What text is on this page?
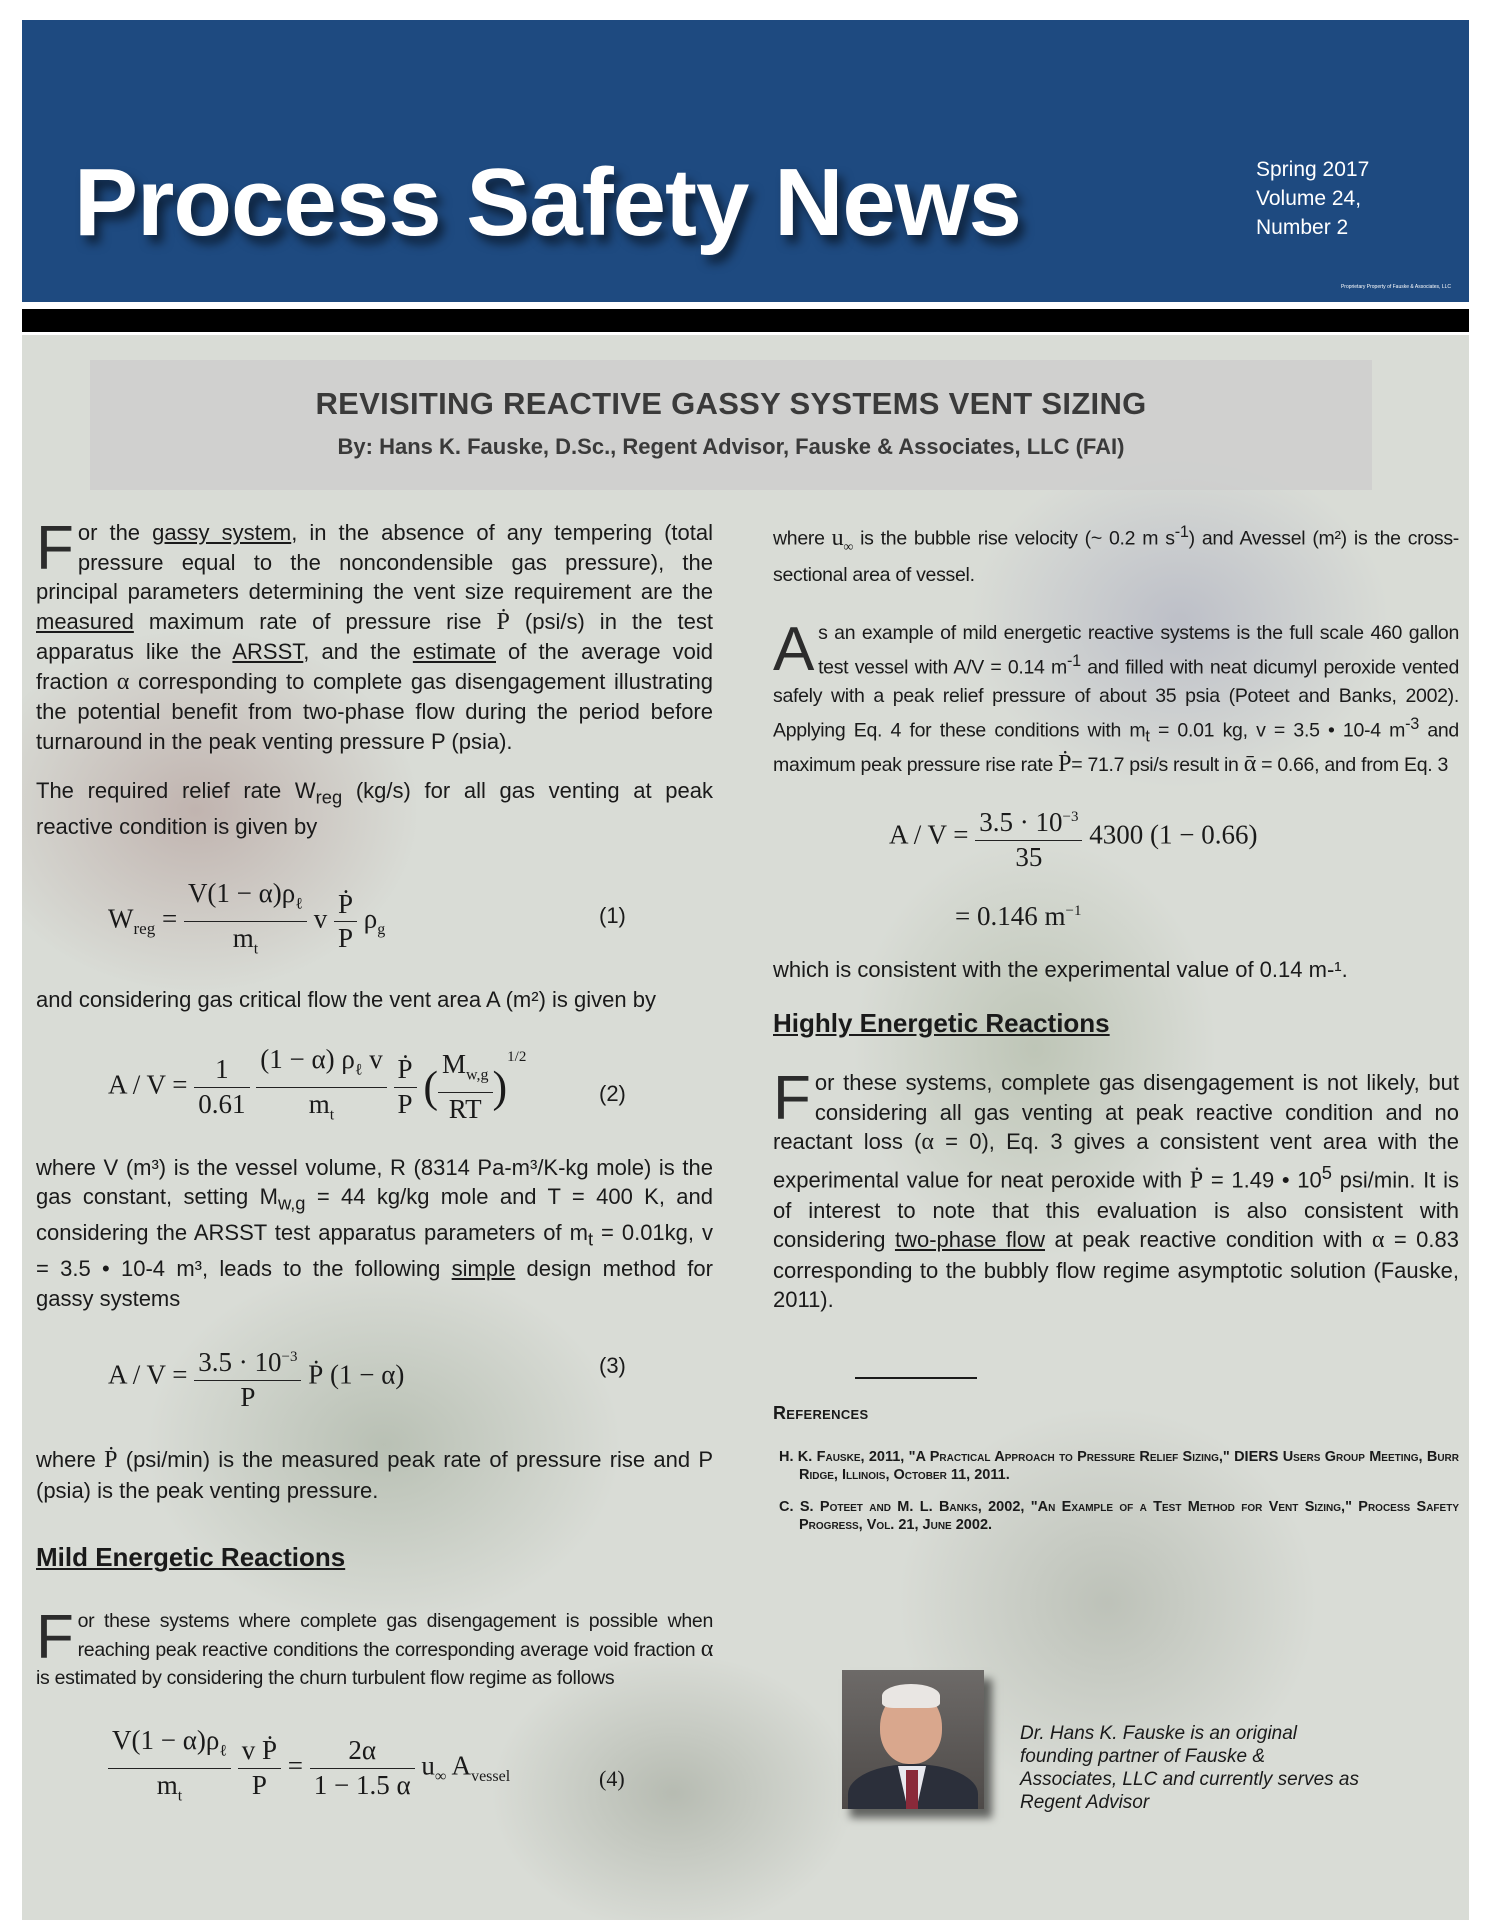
Process Safety News	Spring 2017
Volume 24,
Number 2
Proprietary Property of Fauske & Associates, LLC
REVISITING REACTIVE GASSY SYSTEMS VENT SIZING
By: Hans K. Fauske, D.Sc., Regent Advisor, Fauske & Associates, LLC (FAI)

For the gassy system, in the absence of any tempering (total pressure equal to the noncondensible gas pressure), the principal parameters determining the vent size requirement are the measured maximum rate of pressure rise Ṗ (psi/s) in the test apparatus like the ARSST, and the estimate of the average void fraction α corresponding to complete gas disengagement illustrating the potential benefit from two-phase flow during the period before turnaround in the peak venting pressure P (psia).

The required relief rate $W_{reg}$ (kg/s) for all gas venting at peak reactive condition is given by

$W_{reg} = \frac{V(1 - \alpha)\rho_\ell}{m_t}$ v $\frac{\text{Ṗ}}{P} \rho_g$
(1)

and considering gas critical flow the vent area A (m²) is given by

$A / V = \frac{1}{0.61}$
$\frac{(1 - \alpha) \rho_\ell v}{m_t}$
$\frac{\text{Ṗ}}{P}$ ( $\frac{M_{w,g}}{RT} )^{1/2}$
(2)

where V (m³) is the vessel volume, R (8314 Pa-m³/K-kg mole) is the gas constant, setting $M_{w,g} = 44$ kg/kg mole and T = 400 K, and considering the ARSST test apparatus parameters of $m_t = 0.01kg$, v = 3.5 • 10-4 m³, leads to the following simple design method for gassy systems

$A / V = \frac{3.5 \cdot 10^{-3}}{P}$ Ṗ (1 − α)	(3)

where Ṗ (psi/min) is the measured peak rate of pressure rise and P (psia) is the peak venting pressure.

Mild Energetic Reactions

For these systems where complete gas disengagement is possible when reaching peak reactive conditions the corresponding average void fraction α is estimated by considering the churn turbulent flow regime as follows

$\frac{V(1 - \alpha)\rho_\ell}{m_t}$
$\frac{\text{v Ṗ}}{P} = \frac{2\alpha}{1 - 1.5 \alpha} u_\infty$ $A_{vessel}$	(4)

where $u_\infty$ is the bubble rise velocity (~ 0.2 m $s^{-1}$) and Avessel (m²) is the cross-sectional area of vessel.

As an example of mild energetic reactive systems is the full scale 460 gallon test vessel with A/V = 0.14 $m^{-1}$ and filled with neat dicumyl peroxide vented safely with a peak relief pressure of about 35 psia (Poteet and Banks, 2002). Applying Eq. 4 for these conditions with $m_t = 0.01$ kg, v = 3.5 • 10-4 $m^{-3}$ and maximum peak pressure rise rate Ṗ= 71.7 psi/s result in ᾱ = 0.66, and from Eq. 3

$A / V = \frac{3.5 \cdot 10^{-3}}{35} 4300$ (1 − 0.66)
= 0.146 $m^{-1}$

which is consistent with the experimental value of 0.14 m-¹.

Highly Energetic Reactions

For these systems, complete gas disengagement is not likely, but considering all gas venting at peak reactive condition and no reactant loss (α = 0), Eq. 3 gives a consistent vent area with the experimental value for neat peroxide with Ṗ = 1.49 • $10^5$ psi/min. It is of interest to note that this evaluation is also consistent with considering two-phase flow at peak reactive condition with α = 0.83 corresponding to the bubbly flow regime asymptotic solution (Fauske, 2011).

References

H. K. Fauske, 2011, "A Practical Approach to Pressure Relief Sizing," DIERS Users Group Meeting, Burr Ridge, Illinois, October 11, 2011.

C. S. Poteet and M. L. Banks, 2002, "An Example of a Test Method for Vent Sizing," Process Safety Progress, Vol. 21, June 2002.

Dr. Hans K. Fauske is an original founding partner of Fauske & Associates, LLC and currently serves as Regent Advisor
